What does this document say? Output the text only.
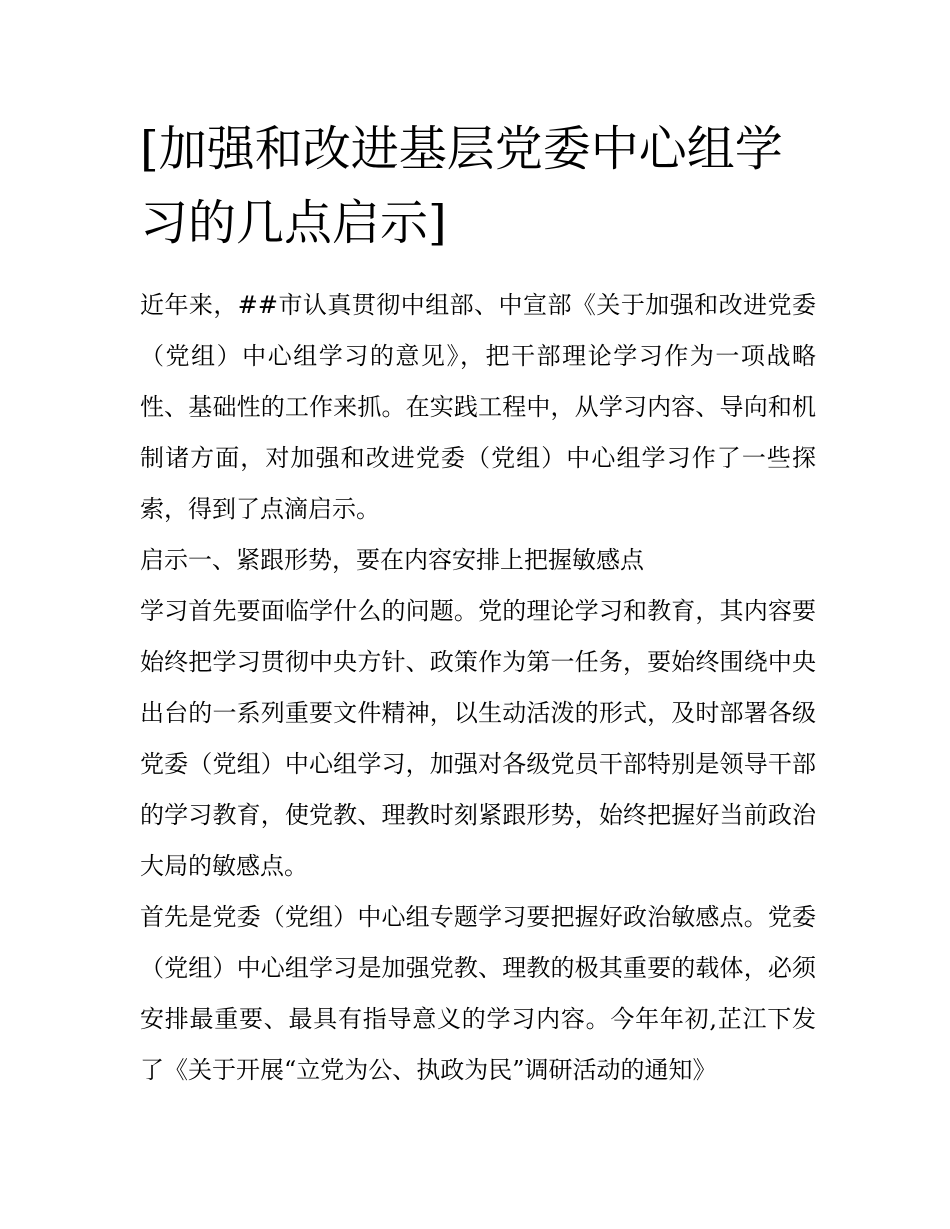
[加强和改进基层党委中心组学习的几点启示]

近年来，##市认真贯彻中组部、中宣部《关于加强和改进党委（党组）中心组学习的意见》，把干部理论学习作为一项战略性、基础性的工作来抓。在实践工程中，从学习内容、导向和机制诸方面，对加强和改进党委（党组）中心组学习作了一些探索，得到了点滴启示。

启示一、紧跟形势，要在内容安排上把握敏感点

学习首先要面临学什么的问题。党的理论学习和教育，其内容要始终把学习贯彻中央方针、政策作为第一任务，要始终围绕中央出台的一系列重要文件精神，以生动活泼的形式，及时部署各级党委（党组）中心组学习，加强对各级党员干部特别是领导干部的学习教育，使党教、理教时刻紧跟形势，始终把握好当前政治大局的敏感点。

首先是党委（党组）中心组专题学习要把握好政治敏感点。党委（党组）中心组学习是加强党教、理教的极其重要的载体，必须安排最重要、最具有指导意义的学习内容。今年年初,芷江下发了《关于开展“立党为公、执政为民”调研活动的通知》
